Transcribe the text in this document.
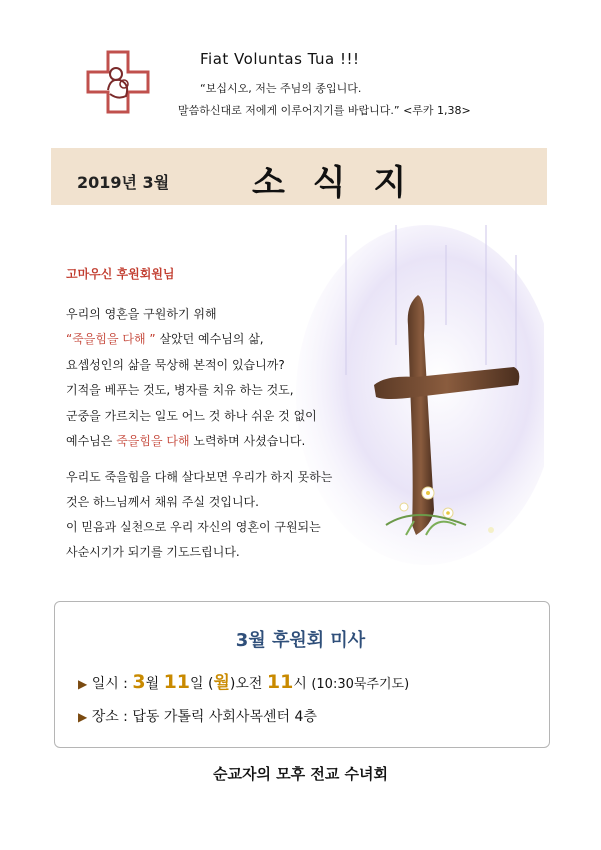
Fiat Voluntas Tua !!!
“보십시오, 저는 주님의 종입니다.
말씀하신대로 저에게 이루어지기를 바랍니다.” <루카 1,38>
2019년 3월 소 식 지
고마우신 후원회원님
우리의 영혼을 구원하기 위해
“죽을힘을 다해 ” 살았던 예수님의 삶,
요셉성인의 삶을 묵상해 본적이 있습니까?
기적을 베푸는 것도, 병자를 치유 하는 것도,
군중을 가르치는 일도 어느 것 하나 쉬운 것 없이
예수님은 죽을힘을 다해 노력하며 사셨습니다.
우리도 죽을힘을 다해 살다보면 우리가 하지 못하는
것은 하느님께서 채워 주실 것입니다.
이 믿음과 실천으로 우리 자신의 영혼이 구원되는
사순시기가 되기를 기도드립니다.
3월 후원회 미사
▶ 일시 : 3월 11일 (월)오전 11시 (10:30묵주기도)
▶ 장소 : 답동 가톨릭 사회사목센터 4층
순교자의 모후 전교 수녀회
